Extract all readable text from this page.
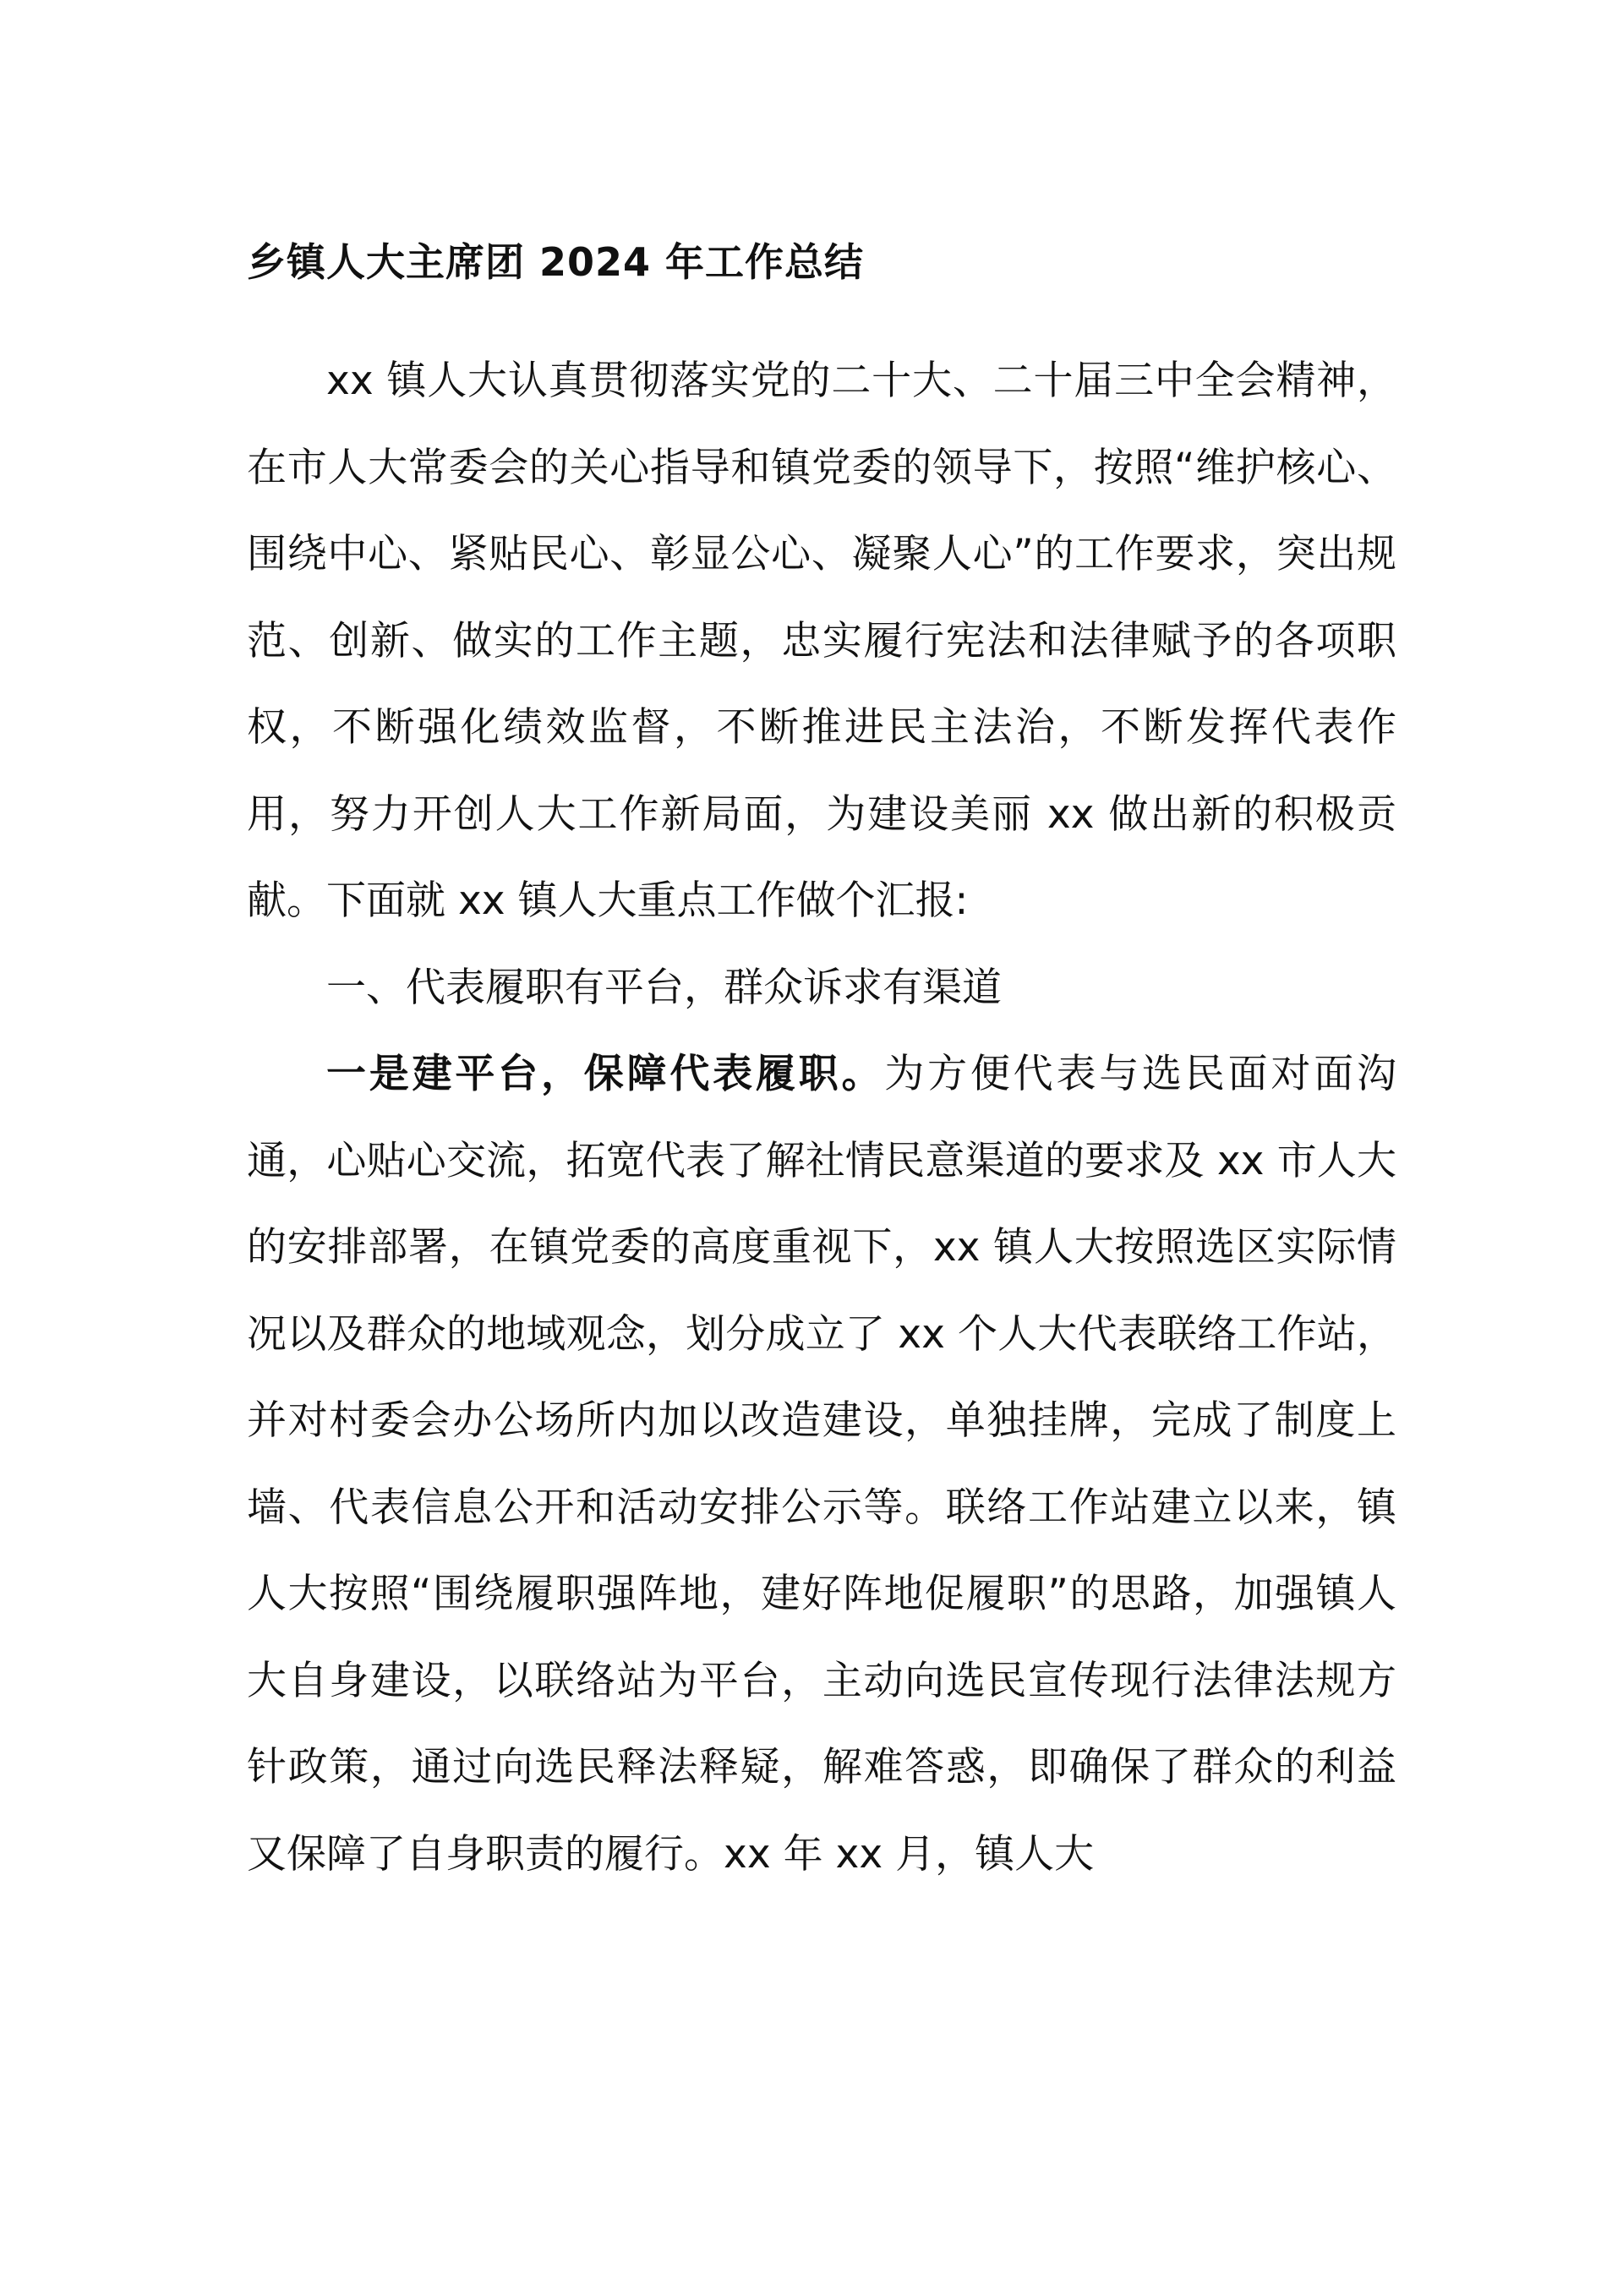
乡镇人大主席团 2024 年工作总结

xx 镇人大认真贯彻落实党的二十大、二十届三中全会精神，在市人大常委会的关心指导和镇党委的领导下，按照“维护核心、围绕中心、紧贴民心、彰显公心、凝聚人心”的工作要求，突出规范、创新、做实的工作主题，忠实履行宪法和法律赋予的各项职权，不断强化绩效监督，不断推进民主法治，不断发挥代表作用，努力开创人大工作新局面，为建设美丽 xx 做出新的积极贡献。下面就 xx 镇人大重点工作做个汇报:

一、代表履职有平台，群众诉求有渠道

一是建平台，保障代表履职。为方便代表与选民面对面沟通，心贴心交流，拓宽代表了解社情民意渠道的要求及 xx 市人大的安排部署，在镇党委的高度重视下，xx 镇人大按照选区实际情况以及群众的地域观念，划分成立了 xx 个人大代表联络工作站，并对村委会办公场所内加以改造建设，单独挂牌，完成了制度上墙、代表信息公开和活动安排公示等。联络工作站建立以来，镇人大按照“围绕履职强阵地，建好阵地促履职”的思路，加强镇人大自身建设，以联络站为平台，主动向选民宣传现行法律法规方针政策，通过向选民释法释疑，解难答惑，即确保了群众的利益又保障了自身职责的履行。xx 年 xx 月，镇人大
